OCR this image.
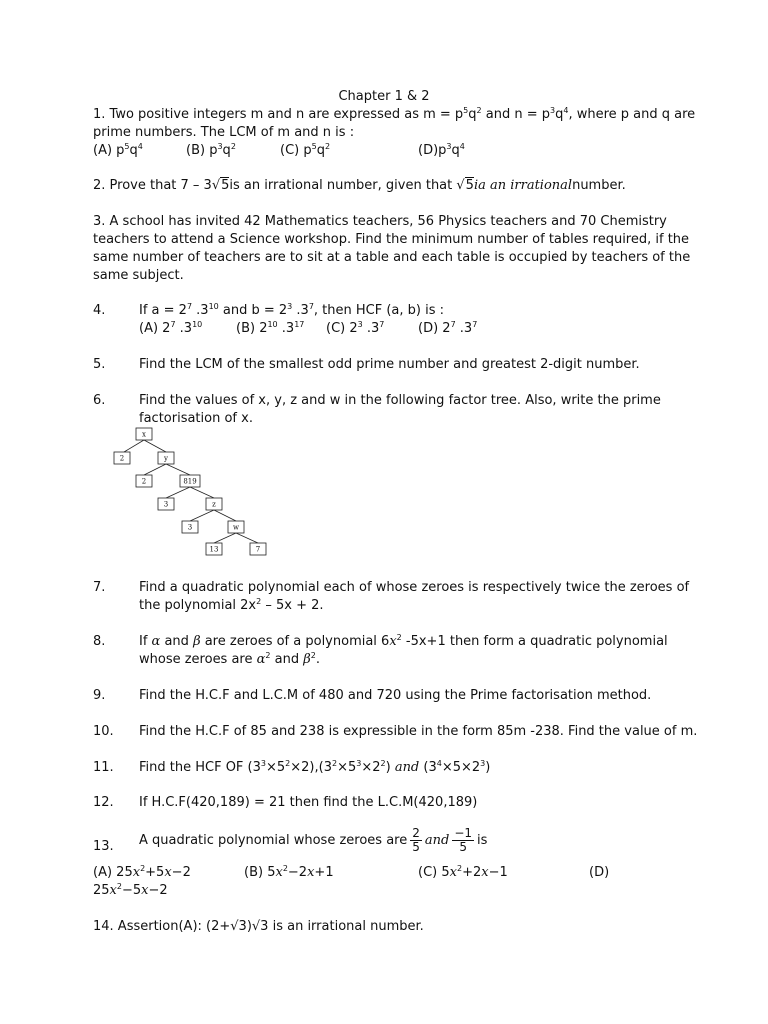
Chapter 1 & 2
1. Two positive integers m and n are expressed as $m = p^5q^2$ and $n = p^3q^4$, where p and q are
prime numbers. The LCM of m and n is :
(A) $p^5q^4$	(B) $p^3q^2$	(C) $p^5q^2$	$(D)p^3q^4$
2. Prove that 7 – 3√5is an irrational number, given that √5ia an irrationalnumber.
3. A school has invited 42 Mathematics teachers, 56 Physics teachers and 70 Chemistry
teachers to attend a Science workshop. Find the minimum number of tables required, if the
same number of teachers are to sit at a table and each table is occupied by teachers of the
same subject.
4.	If $a = 2^7$ $.3^{10}$ and $b = 2^3$ $.3^7$, then HCF (a, b) is :
(A) $2^7$ $.3^{10}$	(B) $2^{10}$ $.3^{17}$ (C) $2^3$ $.3^7$	(D) $2^7$ $.3^7$
5.	Find the LCM of the smallest odd prime number and greatest 2-digit number.
6.	Find the values of x, y, z and w in the following factor tree. Also, write the prime
factorisation of x.
x
2	y
2	819
3	z
3	w
13	7
7.	Find a quadratic polynomial each of whose zeroes is respectively twice the zeroes of
the polynomial $2x^2 - 5x + 2$.
8.	If α and β are zeroes of a polynomial $6x^2$ -5x+1 then form a quadratic polynomial
whose zeroes are $\alpha^2$ and $\beta^2$.
9.	Find the H.C.F and L.C.M of 480 and 720 using the Prime factorisation method.
10. Find the H.C.F of 85 and 238 is expressible in the form 85m -238. Find the value of m.
11. Find the HCF OF $(3^3\times 5^2\times 2),(3^2\times 5^3\times 2^2)$ and $(3^4\times 5\times 2^3)$
12. If H.C.F(420,189) = 21 then find the L.C.M(420,189)
13. A quadratic polynomial whose zeroes are $\frac{2}{5}$ and $\frac{-1}{5}$ is
(A) $25x^2+5x-2$	(B) $5x^2-2x+1$	(C) $5x^2+2x-1$	(D)
$25x^2-5x-2$
14. Assertion(A): (2+√3)√3 is an irrational number.
